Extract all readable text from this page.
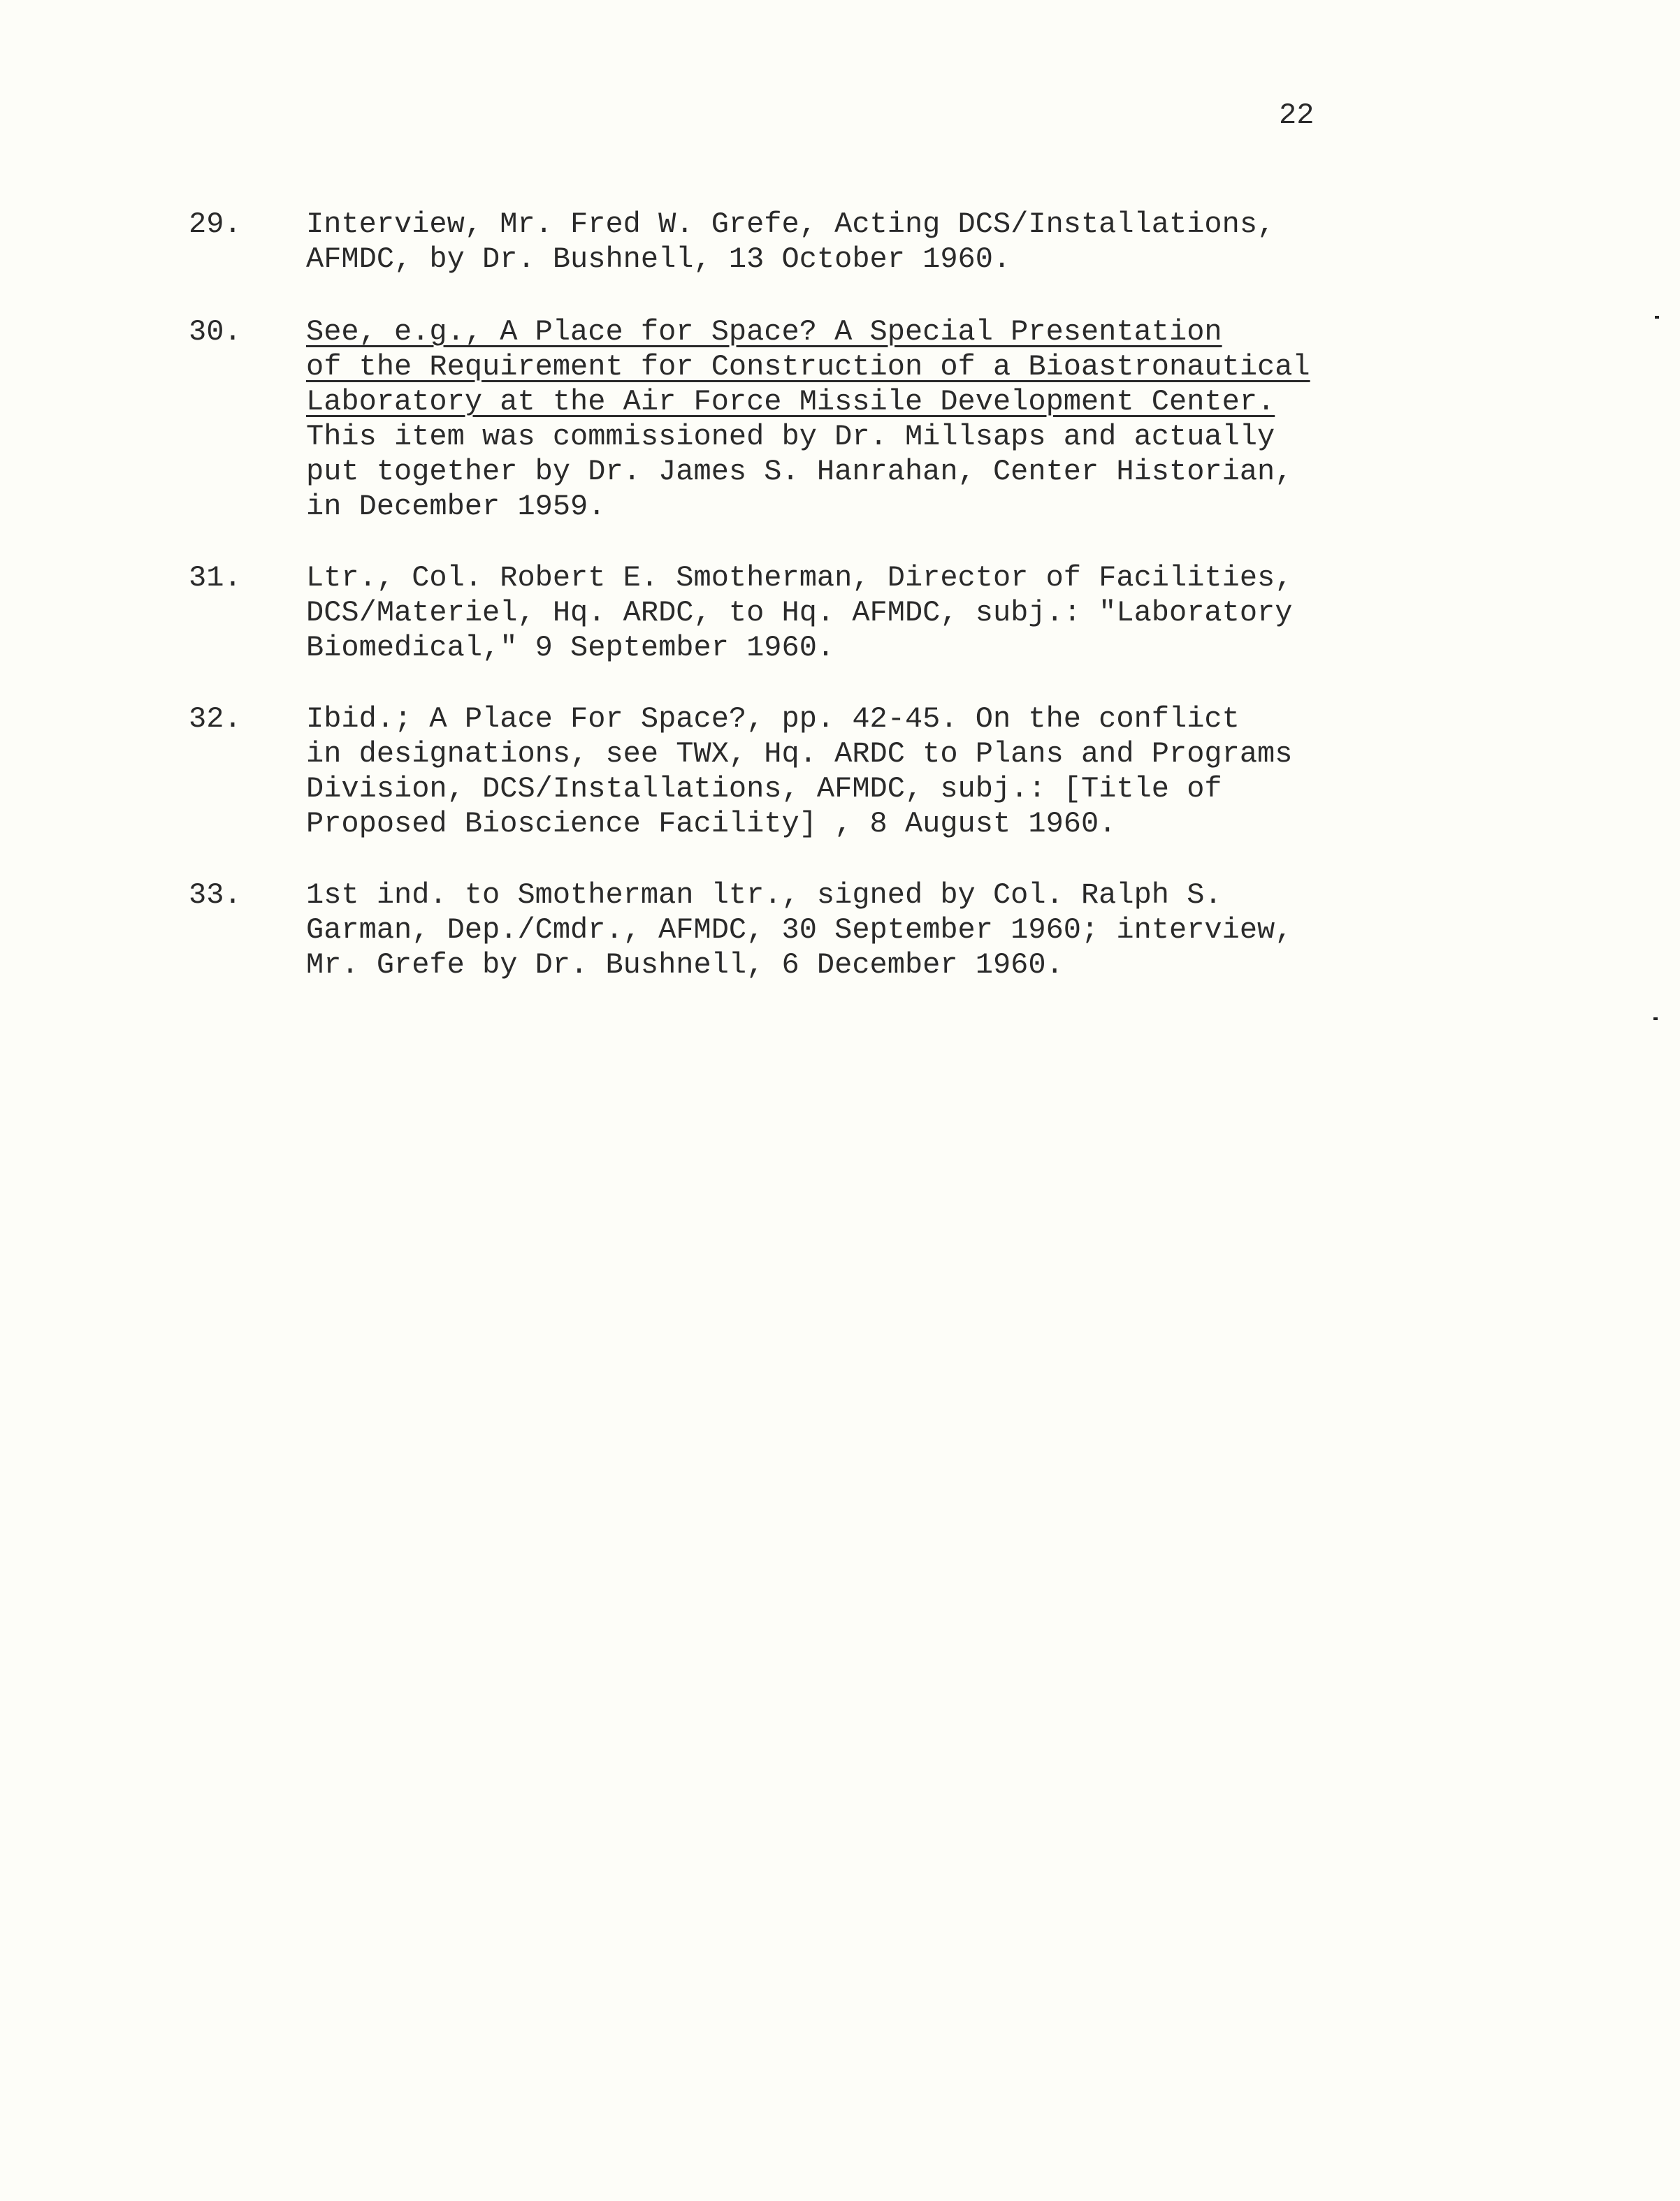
22
29.	Interview, Mr. Fred W. Grefe, Acting DCS/Installations,
AFMDC, by Dr. Bushnell, 13 October 1960.
30.	See, e.g., A Place for Space? A Special Presentation
of the Requirement for Construction of a Bioastronautical
Laboratory at the Air Force Missile Development Center.
This item was commissioned by Dr. Millsaps and actually
put together by Dr. James S. Hanrahan, Center Historian,
in December 1959.
31.	Ltr., Col. Robert E. Smotherman, Director of Facilities,
DCS/Materiel, Hq. ARDC, to Hq. AFMDC, subj.: "Laboratory
Biomedical," 9 September 1960.
32.	Ibid.; A Place For Space?, pp. 42-45. On the conflict
in designations, see TWX, Hq. ARDC to Plans and Programs
Division, DCS/Installations, AFMDC, subj.: [Title of
Proposed Bioscience Facility] , 8 August 1960.
33.	1st ind. to Smotherman ltr., signed by Col. Ralph S.
Garman, Dep./Cmdr., AFMDC, 30 September 1960; interview,
Mr. Grefe by Dr. Bushnell, 6 December 1960.
